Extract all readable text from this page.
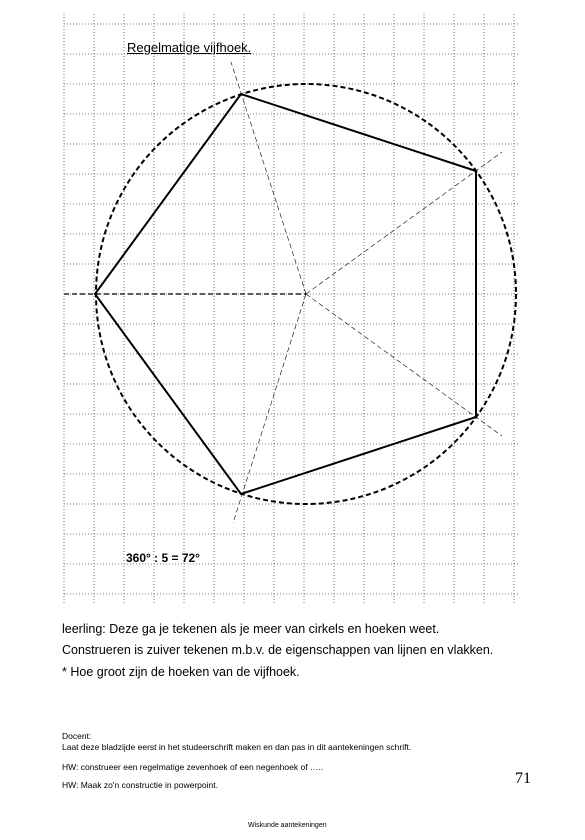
Regelmatige vijfhoek.
360° : 5 = 72°
leerling: Deze ga je tekenen als je meer van cirkels en hoeken weet.
Construeren is zuiver tekenen m.b.v. de eigenschappen van lijnen en vlakken.
* Hoe groot zijn de hoeken van de vijfhoek.
Docent:
Laat deze bladzijde eerst in het studeerschrift maken en dan pas in dit aantekeningen schrift.
HW: construeer een regelmatige zevenhoek of een negenhoek of …..
HW: Maak zo'n constructie in powerpoint.	71
Wiskunde aantekeningen
